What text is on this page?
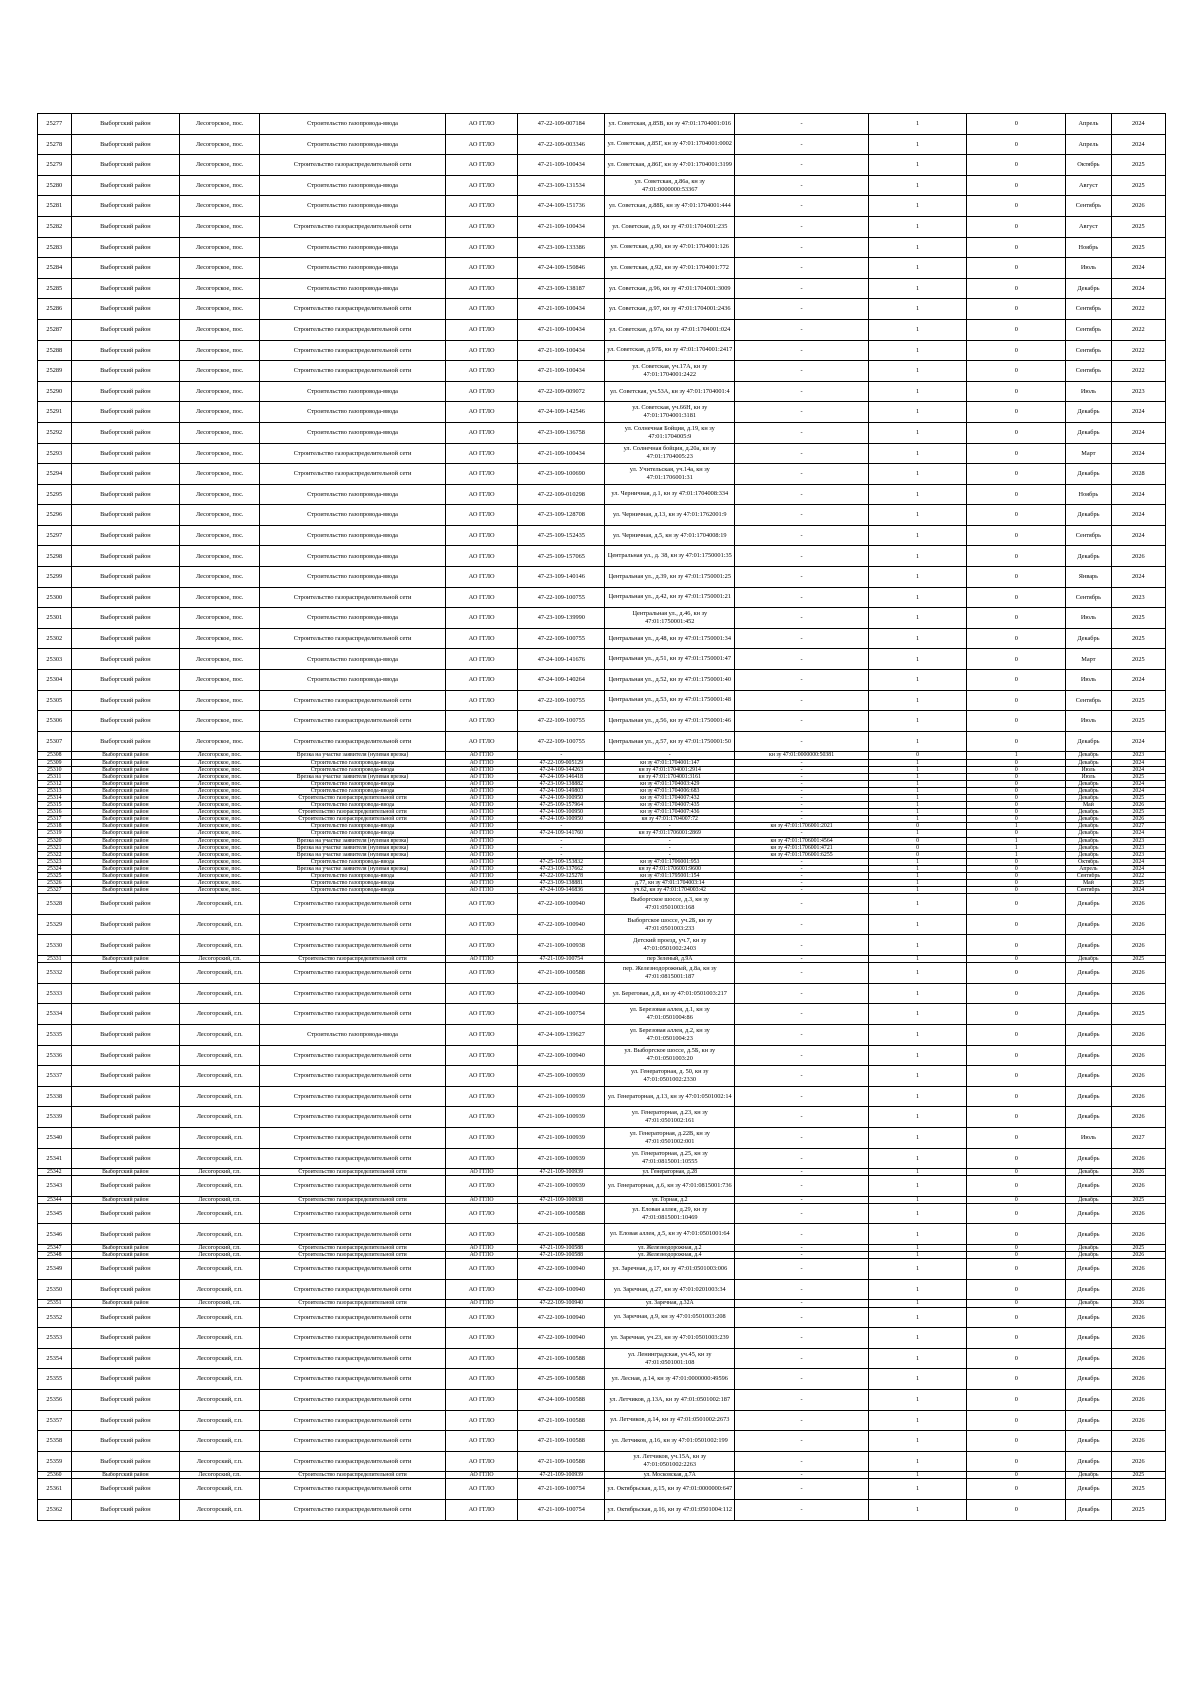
25277	Выборгский район	Лесогорское, пос.	Строительство газопровода-ввода	АО ГГЛО	47-22-109-007184	ул. Советская, д.85В, кн зу 47:01:1704001:016	-	1	0	Апрель	2024
25278	Выборгский район	Лесогорское, пос.	Строительство газопровода-ввода	АО ГГЛО	47-22-109-003346	ул. Советская, д.85Г, кн зу 47:01:1704001:0002	-	1	0	Апрель	2024
25279	Выборгский район	Лесогорское, пос.	Строительство газораспределительной сети	АО ГГЛО	47-21-109-100434	ул. Советская, д.86Г, кн зу 47:01:1704001:3199	-	1	0	Октябрь	2025
25280	Выборгский район	Лесогорское, пос.	Строительство газопровода-ввода	АО ГГЛО	47-23-109-131534	ул. Советская, д.86а, кн зу 47:01:0000000:53367	-	1	0	Август	2025
25281	Выборгский район	Лесогорское, пос.	Строительство газопровода-ввода	АО ГГЛО	47-24-109-151736	ул. Советская, д.88Б, кн зу 47:01:1704001:444	-	1	0	Сентябрь	2026
25282	Выборгский район	Лесогорское, пос.	Строительство газораспределительной сети	АО ГГЛО	47-21-109-100434	ул. Советская, д.9, кн зу 47:01:1704001:235	-	1	0	Август	2025
25283	Выборгский район	Лесогорское, пос.	Строительство газопровода-ввода	АО ГГЛО	47-23-109-133386	ул. Советская, д.90, кн зу 47:01:1704001:126	-	1	0	Ноябрь	2025
25284	Выборгский район	Лесогорское, пос.	Строительство газопровода-ввода	АО ГГЛО	47-24-109-150846	ул. Советская, д.92, кн зу 47:01:1704001:772	-	1	0	Июль	2024
25285	Выборгский район	Лесогорское, пос.	Строительство газопровода-ввода	АО ГГЛО	47-23-109-138187	ул. Советская, д.96, кн зу 47:01:1704001:3009	-	1	0	Декабрь	2024
25286	Выборгский район	Лесогорское, пос.	Строительство газораспределительной сети	АО ГГЛО	47-21-109-100434	ул. Советская, д.97, кн зу 47:01:1704001:2436	-	1	0	Сентябрь	2022
25287	Выборгский район	Лесогорское, пос.	Строительство газораспределительной сети	АО ГГЛО	47-21-109-100434	ул. Советская, д.97а, кн зу 47:01:1704001:024	-	1	0	Сентябрь	2022
25288	Выборгский район	Лесогорское, пос.	Строительство газораспределительной сети	АО ГГЛО	47-21-109-100434	ул. Советская, д.97Б, кн зу 47:01:1704001:2417	-	1	0	Сентябрь	2022
25289	Выборгский район	Лесогорское, пос.	Строительство газораспределительной сети	АО ГГЛО	47-21-109-100434	ул. Советская, уч.17А, кн зу 47:01:1704001:2422	-	1	0	Сентябрь	2022
25290	Выборгский район	Лесогорское, пос.	Строительство газопровода-ввода	АО ГГЛО	47-22-109-009072	ул. Советская, уч.53А, кн зу 47:01:1704001:4	-	1	0	Июль	2023
25291	Выборгский район	Лесогорское, пос.	Строительство газопровода-ввода	АО ГГЛО	47-24-109-142546	ул. Советская, уч.66Н, кн зу 47:01:1704001:3181	-	1	0	Декабрь	2024
25292	Выборгский район	Лесогорское, пос.	Строительство газопровода-ввода	АО ГГЛО	47-23-109-136758	ул. Солнечная Бойция, д.19, кн зу 47:01:1704005:9	-	1	0	Декабрь	2024
25293	Выборгский район	Лесогорское, пос.	Строительство газораспределительной сети	АО ГГЛО	47-21-109-100434	ул. Солнечная бойция, д.20а, кн зу 47:01:1704005:23	-	1	0	Март	2024
25294	Выборгский район	Лесогорское, пос.	Строительство газораспределительной сети	АО ГГЛО	47-23-109-100690	ул. Учительская, уч.14а, кн зу 47:01:1706001:31	-	1	0	Декабрь	2028
25295	Выборгский район	Лесогорское, пос.	Строительство газопровода-ввода	АО ГГЛО	47-22-109-010298	ул. Черничная, д.1, кн зу 47:01:1704008:334	-	1	0	Ноябрь	2024
25296	Выборгский район	Лесогорское, пос.	Строительство газопровода-ввода	АО ГГЛО	47-23-109-128708	ул. Черничная, д.13, кн зу 47:01:1762001:9	-	1	0	Декабрь	2024
25297	Выборгский район	Лесогорское, пос.	Строительство газопровода-ввода	АО ГГЛО	47-25-109-152435	ул. Черничная, д.5, кн зу 47:01:1704008:19	-	1	0	Сентябрь	2024
25298	Выборгский район	Лесогорское, пос.	Строительство газопровода-ввода	АО ГГЛО	47-25-109-157065	Центральная ул., д. 38, кн зу 47:01:1750001:35	-	1	0	Декабрь	2026
25299	Выборгский район	Лесогорское, пос.	Строительство газопровода-ввода	АО ГГЛО	47-23-109-140146	Центральная ул., д.39, кн зу 47:01:1750001:25	-	1	0	Январь	2024
25300	Выборгский район	Лесогорское, пос.	Строительство газораспределительной сети	АО ГГЛО	47-22-109-100755	Центральная ул., д.42, кн зу 47:01:1750001:21	-	1	0	Сентябрь	2023
25301	Выборгский район	Лесогорское, пос.	Строительство газопровода-ввода	АО ГГЛО	47-23-109-139990	Центральная ул., д.46, кн зу 47:01:1750001:452	-	1	0	Июль	2025
25302	Выборгский район	Лесогорское, пос.	Строительство газораспределительной сети	АО ГГЛО	47-22-109-100755	Центральная ул., д.48, кн зу 47:01:1750001:34	-	1	0	Декабрь	2025
25303	Выборгский район	Лесогорское, пос.	Строительство газопровода-ввода	АО ГГЛО	47-24-109-141676	Центральная ул., д.51, кн зу 47:01:1750001:47	-	1	0	Март	2025
25304	Выборгский район	Лесогорское, пос.	Строительство газопровода-ввода	АО ГГЛО	47-24-109-140264	Центральная ул., д.52, кн зу 47:01:1750001:40	-	1	0	Июль	2024
25305	Выборгский район	Лесогорское, пос.	Строительство газораспределительной сети	АО ГГЛО	47-22-109-100755	Центральная ул., д.53, кн зу 47:01:1750001:48	-	1	0	Сентябрь	2025
25306	Выборгский район	Лесогорское, пос.	Строительство газораспределительной сети	АО ГГЛО	47-22-109-100755	Центральная ул., д.56, кн зу 47:01:1750001:46	-	1	0	Июль	2025
25307	Выборгский район	Лесогорское, пос.	Строительство газораспределительной сети	АО ГГЛО	47-22-109-100755	Центральная ул., д.57, кн зу 47:01:1750001:50	-	1	0	Декабрь	2024
25308	Выборгский район	Лесогорское, пос.	Врезка на участке заявителя (нулевая врезка)	АО ГГЛО	-	-	кн зу 47:01:0000000:50381	0	1	Декабрь	2023
25309	Выборгский район	Лесогорское, пос.	Строительство газопровода-ввода	АО ГГЛО	47-22-109-005129	кн зу 47:01:1704001:147	-	1	0	Декабрь	2024
25310	Выборгский район	Лесогорское, пос.	Строительство газопровода-ввода	АО ГГЛО	47-24-109-144263	кн зу 47:01:1704001:2914	-	1	0	Июль	2024
25311	Выборгский район	Лесогорское, пос.	Врезка на участке заявителя (нулевая врезка)	АО ГГЛО	47-24-109-146418	кн зу 47:01:1704001:3161	-	1	0	Июль	2025
25312	Выборгский район	Лесогорское, пос.	Строительство газопровода-ввода	АО ГГЛО	47-23-109-138882	кн зу 47:01:1704003:429	-	1	0	Декабрь	2024
25313	Выборгский район	Лесогорское, пос.	Строительство газопровода-ввода	АО ГГЛО	47-24-109-149803	кн зу 47:01:1704006:683	-	1	0	Декабрь	2024
25314	Выборгский район	Лесогорское, пос.	Строительство газораспределительной сети	АО ГГЛО	47-24-109-100950	кн зу 47:01:1704007:432	-	1	0	Декабрь	2025
25315	Выборгский район	Лесогорское, пос.	Строительство газопровода-ввода	АО ГГЛО	47-25-109-157964	кн зу 47:01:1704007:435	-	1	0	Май	2026
25316	Выборгский район	Лесогорское, пос.	Строительство газораспределительной сети	АО ГГЛО	47-24-109-100950	кн зу 47:01:1704007:436	-	1	0	Декабрь	2025
25317	Выборгский район	Лесогорское, пос.	Строительство газораспределительной сети	АО ГГЛО	47-24-109-100950	кн зу 47:01:1704007:72	-	1	0	Декабрь	2026
25318	Выборгский район	Лесогорское, пос.	Строительство газопровода-ввода	АО ГГЛО	-	-	кн зу 47:01:1706001:2021	0	1	Декабрь	2027
25319	Выборгский район	Лесогорское, пос.	Строительство газопровода-ввода	АО ГГЛО	47-24-109-141760	кн зу 47:01:1706001:2869	-	1	0	Декабрь	2024
25320	Выборгский район	Лесогорское, пос.	Врезка на участке заявителя (нулевая врезка)	АО ГГЛО	-	-	кн зу 47:01:1706001:4564	0	1	Декабрь	2023
25321	Выборгский район	Лесогорское, пос.	Врезка на участке заявителя (нулевая врезка)	АО ГГЛО	-	-	кн зу 47:01:1706001:4721	0	1	Декабрь	2023
25322	Выборгский район	Лесогорское, пос.	Врезка на участке заявителя (нулевая врезка)	АО ГГЛО	-	-	кн зу 47:01:1706001:6255	0	1	Декабрь	2023
25323	Выборгский район	Лесогорское, пос.	Строительство газопровода-ввода	АО ГГЛО	47-25-109-153832	кн зу 47:01:1706001:953	-	1	0	Октябрь	2024
25324	Выборгский район	Лесогорское, пос.	Врезка на участке заявителя (нулевая врезка)	АО ГГЛО	47-23-109-137662	кн зу 47:01:1706001:9600	-	1	0	Апрель	2024
25325	Выборгский район	Лесогорское, пос.	Строительство газопровода-ввода	АО ГГЛО	47-22-109-125278	кн зу 47:01:1795001:154	-	1	0	Сентябрь	2022
25326	Выборгский район	Лесогорское, пос.	Строительство газопровода-ввода	АО ГГЛО	47-23-109-138881	д.77, кн зу 47:01:1704003:14	-	1	0	Май	2025
25327	Выборгский район	Лесогорское, пос.	Строительство газопровода-ввода	АО ГГЛО	47-24-109-146836	уч.62, кн зу 47:01:1704003:42	-	1	0	Сентябрь	2024
25328	Выборгский район	Лесогорский, г.п.	Строительство газораспределительной сети	АО ГГЛО	47-22-109-100940	Выборгское шоссе, д.3, кн зу 47:01:0501003:168	-	1	0	Декабрь	2026
25329	Выборгский район	Лесогорский, г.п.	Строительство газораспределительной сети	АО ГГЛО	47-22-109-100940	Выборгское шоссе, уч.2Б, кн зу 47:01:0501003:233	-	1	0	Декабрь	2026
25330	Выборгский район	Лесогорский, г.п.	Строительство газораспределительной сети	АО ГГЛО	47-21-109-100938	Детский проезд, уч.7, кн зу 47:01:0501002:2403	-	1	0	Декабрь	2026
25331	Выборгский район	Лесогорский, г.п.	Строительство газораспределительной сети	АО ГГЛО	47-21-109-100754	пер Зеленый, д.9А	-	1	0	Декабрь	2025
25332	Выборгский район	Лесогорский, г.п.	Строительство газораспределительной сети	АО ГГЛО	47-21-109-100588	пер. Железнодорожный, д.8а, кн зу 47:01:0815001:187	-	1	0	Декабрь	2026
25333	Выборгский район	Лесогорский, г.п.	Строительство газораспределительной сети	АО ГГЛО	47-22-109-100940	ул. Береговая, д.8, кн зу 47:01:0501003:217	-	1	0	Декабрь	2026
25334	Выборгский район	Лесогорский, г.п.	Строительство газораспределительной сети	АО ГГЛО	47-21-109-100754	ул. Березовая аллея, д.1, кн зу 47:01:0501004:86	-	1	0	Декабрь	2025
25335	Выборгский район	Лесогорский, г.п.	Строительство газопровода-ввода	АО ГГЛО	47-24-109-139627	ул. Березовая аллея, д.2, кн зу 47:01:0501004:23	-	1	0	Декабрь	2026
25336	Выборгский район	Лесогорский, г.п.	Строительство газораспределительной сети	АО ГГЛО	47-22-109-100940	ул. Выборгское шоссе, д.5Б, кн зу 47:01:0501003:20	-	1	0	Декабрь	2026
25337	Выборгский район	Лесогорский, г.п.	Строительство газораспределительной сети	АО ГГЛО	47-25-109-100939	ул. Генераторная, д. 50, кн зу 47:01:0501002:2330	-	1	0	Декабрь	2026
25338	Выборгский район	Лесогорский, г.п.	Строительство газораспределительной сети	АО ГГЛО	47-21-109-100939	ул. Генераторная, д.13, кн зу 47:01:0501002:14	-	1	0	Декабрь	2026
25339	Выборгский район	Лесогорский, г.п.	Строительство газораспределительной сети	АО ГГЛО	47-21-109-100939	ул. Генераторная, д.23, кн зу 47:01:0501002:161	-	1	0	Декабрь	2026
25340	Выборгский район	Лесогорский, г.п.	Строительство газораспределительной сети	АО ГГЛО	47-21-109-100939	ул. Генераторная, д.22В, кн зу 47:01:0501002:001	-	1	0	Июль	2027
25341	Выборгский район	Лесогорский, г.п.	Строительство газораспределительной сети	АО ГГЛО	47-21-109-100939	ул. Генераторная, д.25, кн зу 47:01:0815001:10555	-	1	0	Декабрь	2026
25342	Выборгский район	Лесогорский, г.п.	Строительство газораспределительной сети	АО ГГЛО	47-21-109-100939	ул. Генераторная, д.28	-	1	0	Декабрь	2026
25343	Выборгский район	Лесогорский, г.п.	Строительство газораспределительной сети	АО ГГЛО	47-21-109-100939	ул. Генераторная, д.6, кн зу 47:01:0815001:736	-	1	0	Декабрь	2026
25344	Выборгский район	Лесогорский, г.п.	Строительство газораспределительной сети	АО ГГЛО	47-21-109-100938	ул. Горная, д.2	-	1	0	Декабрь	2025
25345	Выборгский район	Лесогорский, г.п.	Строительство газораспределительной сети	АО ГГЛО	47-21-109-100588	ул. Еловая аллея, д.29, кн зу 47:01:0815001:10469	-	1	0	Декабрь	2026
25346	Выборгский район	Лесогорский, г.п.	Строительство газораспределительной сети	АО ГГЛО	47-21-109-100588	ул. Еловая аллея, д.5, кн зу 47:01:0501001:64	-	1	0	Декабрь	2026
25347	Выборгский район	Лесогорский, г.п.	Строительство газораспределительной сети	АО ГГЛО	47-21-109-100588	ул. Железнодорожная, д.2	-	1	0	Декабрь	2025
25348	Выборгский район	Лесогорский, г.п.	Строительство газораспределительной сети	АО ГГЛО	47-21-109-100588	ул. Железнодорожная, д.4	-	1	0	Декабрь	2026
25349	Выборгский район	Лесогорский, г.п.	Строительство газораспределительной сети	АО ГГЛО	47-22-109-100940	ул. Заречная, д.17, кн зу 47:01:0501003:006	-	1	0	Декабрь	2026
25350	Выборгский район	Лесогорский, г.п.	Строительство газораспределительной сети	АО ГГЛО	47-22-109-100940	ул. Заречная, д.27, кн зу 47:01:0201003:34	-	1	0	Декабрь	2026
25351	Выборгский район	Лесогорский, г.п.	Строительство газораспределительной сети	АО ГГЛО	47-22-109-100940	ул. Заречная, д.32А	-	1	0	Декабрь	2026
25352	Выборгский район	Лесогорский, г.п.	Строительство газораспределительной сети	АО ГГЛО	47-22-109-100940	ул. Заречная, д.9, кн зу 47:01:0501003:208	-	1	0	Декабрь	2026
25353	Выборгский район	Лесогорский, г.п.	Строительство газораспределительной сети	АО ГГЛО	47-22-109-100940	ул. Заречная, уч.23, кн зу 47:01:0501003:239	-	1	0	Декабрь	2026
25354	Выборгский район	Лесогорский, г.п.	Строительство газораспределительной сети	АО ГГЛО	47-21-109-100588	ул. Ленинградская, уч.45, кн зу 47:01:0501001:108	-	1	0	Декабрь	2026
25355	Выборгский район	Лесогорский, г.п.	Строительство газораспределительной сети	АО ГГЛО	47-25-109-100588	ул. Лесная, д.14, кн зу 47:01:0000000:49596	-	1	0	Декабрь	2026
25356	Выборгский район	Лесогорский, г.п.	Строительство газораспределительной сети	АО ГГЛО	47-24-109-100588	ул. Летчиков, д.13А, кн зу 47:01:0501002:187	-	1	0	Декабрь	2026
25357	Выборгский район	Лесогорский, г.п.	Строительство газораспределительной сети	АО ГГЛО	47-21-109-100588	ул. Летчиков, д.14, кн зу 47:01:0501002:2673	-	1	0	Декабрь	2026
25358	Выборгский район	Лесогорский, г.п.	Строительство газораспределительной сети	АО ГГЛО	47-21-109-100588	ул. Летчиков, д.16, кн зу 47:01:0501002:199	-	1	0	Декабрь	2026
25359	Выборгский район	Лесогорский, г.п.	Строительство газораспределительной сети	АО ГГЛО	47-21-109-100588	ул. Летчиков, уч.15А, кн зу 47:01:0501002:2263	-	1	0	Декабрь	2026
25360	Выборгский район	Лесогорский, г.п.	Строительство газораспределительной сети	АО ГГЛО	47-21-109-100939	ул. Московская, д.7А	-	1	0	Декабрь	2025
25361	Выборгский район	Лесогорский, г.п.	Строительство газораспределительной сети	АО ГГЛО	47-21-109-100754	ул. Октябрьская, д.15, кн зу 47:01:0000000:647	-	1	0	Декабрь	2025
25362	Выборгский район	Лесогорский, г.п.	Строительство газораспределительной сети	АО ГГЛО	47-21-109-100754	ул. Октябрьская, д.16, кн зу 47:01:0501004:112	-	1	0	Декабрь	2025
